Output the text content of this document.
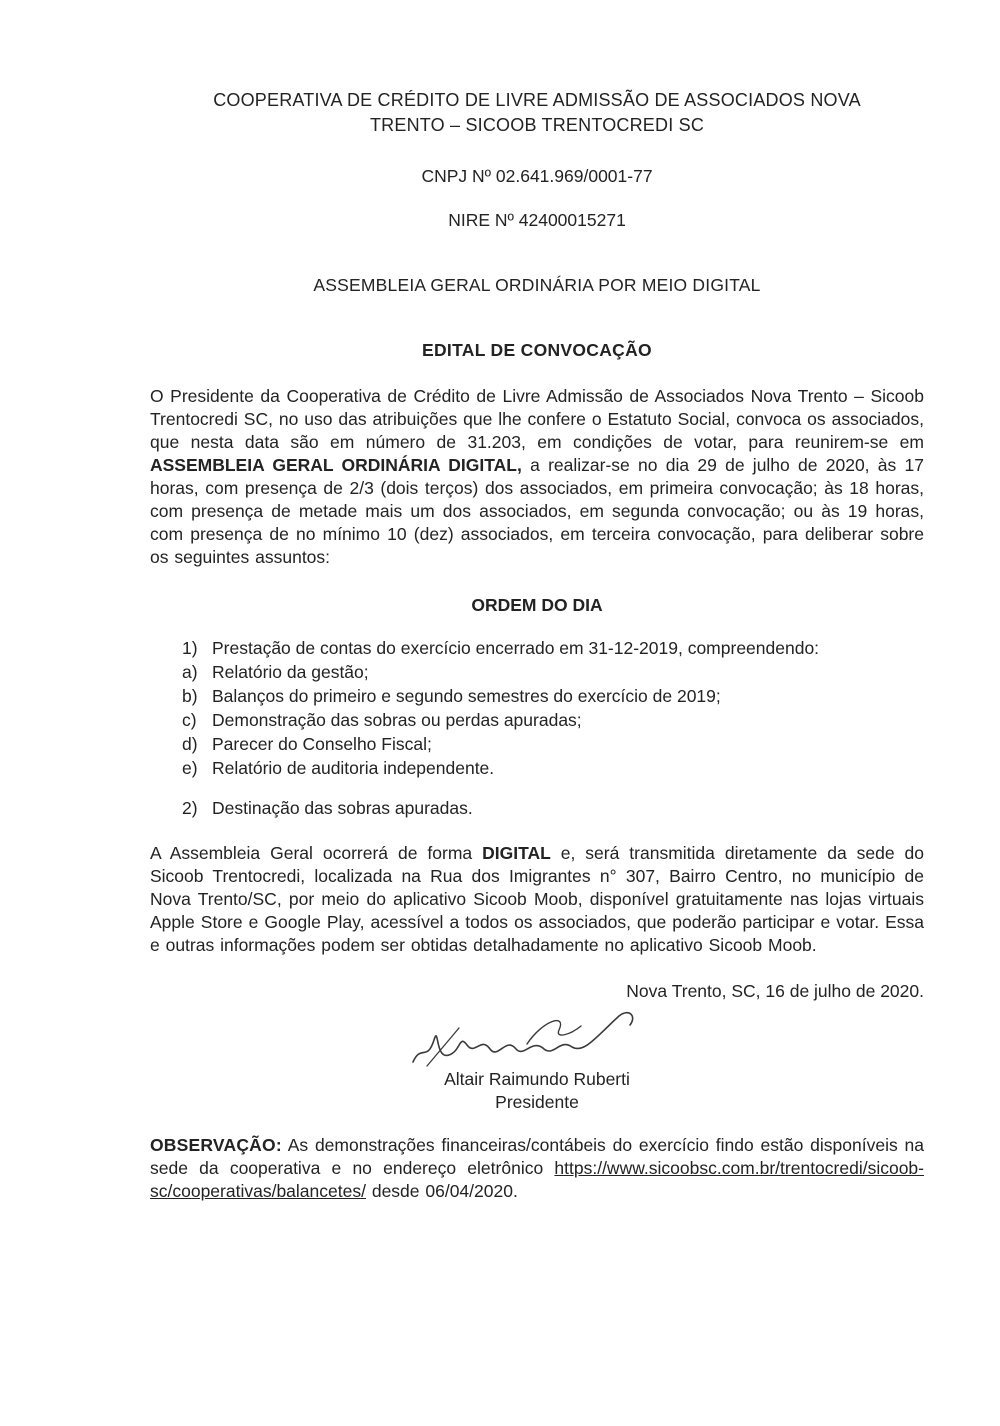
COOPERATIVA DE CRÉDITO DE LIVRE ADMISSÃO DE ASSOCIADOS NOVA
TRENTO – SICOOB TRENTOCREDI SC
CNPJ Nº 02.641.969/0001-77
NIRE Nº 42400015271
ASSEMBLEIA GERAL ORDINÁRIA POR MEIO DIGITAL
EDITAL DE CONVOCAÇÃO

O Presidente da Cooperativa de Crédito de Livre Admissão de Associados Nova Trento – Sicoob Trentocredi SC, no uso das atribuições que lhe confere o Estatuto Social, convoca os associados, que nesta data são em número de 31.203, em condições de votar, para reunirem-se em ASSEMBLEIA GERAL ORDINÁRIA DIGITAL, a realizar-se no dia 29 de julho de 2020, às 17 horas, com presença de 2/3 (dois terços) dos associados, em primeira convocação; às 18 horas, com presença de metade mais um dos associados, em segunda convocação; ou às 19 horas, com presença de no mínimo 10 (dez) associados, em terceira convocação, para deliberar sobre os seguintes assuntos:

ORDEM DO DIA
1) Prestação de contas do exercício encerrado em 31-12-2019, compreendendo:
a) Relatório da gestão;
b) Balanços do primeiro e segundo semestres do exercício de 2019;
c) Demonstração das sobras ou perdas apuradas;
d) Parecer do Conselho Fiscal;
e) Relatório de auditoria independente.
2) Destinação das sobras apuradas.

A Assembleia Geral ocorrerá de forma DIGITAL e, será transmitida diretamente da sede do Sicoob Trentocredi, localizada na Rua dos Imigrantes n° 307, Bairro Centro, no município de Nova Trento/SC, por meio do aplicativo Sicoob Moob, disponível gratuitamente nas lojas virtuais Apple Store e Google Play, acessível a todos os associados, que poderão participar e votar. Essa e outras informações podem ser obtidas detalhadamente no aplicativo Sicoob Moob.

Nova Trento, SC, 16 de julho de 2020.
Altair Raimundo Ruberti
Presidente

OBSERVAÇÃO: As demonstrações financeiras/contábeis do exercício findo estão disponíveis na sede da cooperativa e no endereço eletrônico https://www.sicoobsc.com.br/trentocredi/sicoob-sc/cooperativas/balancetes/ desde 06/04/2020.
